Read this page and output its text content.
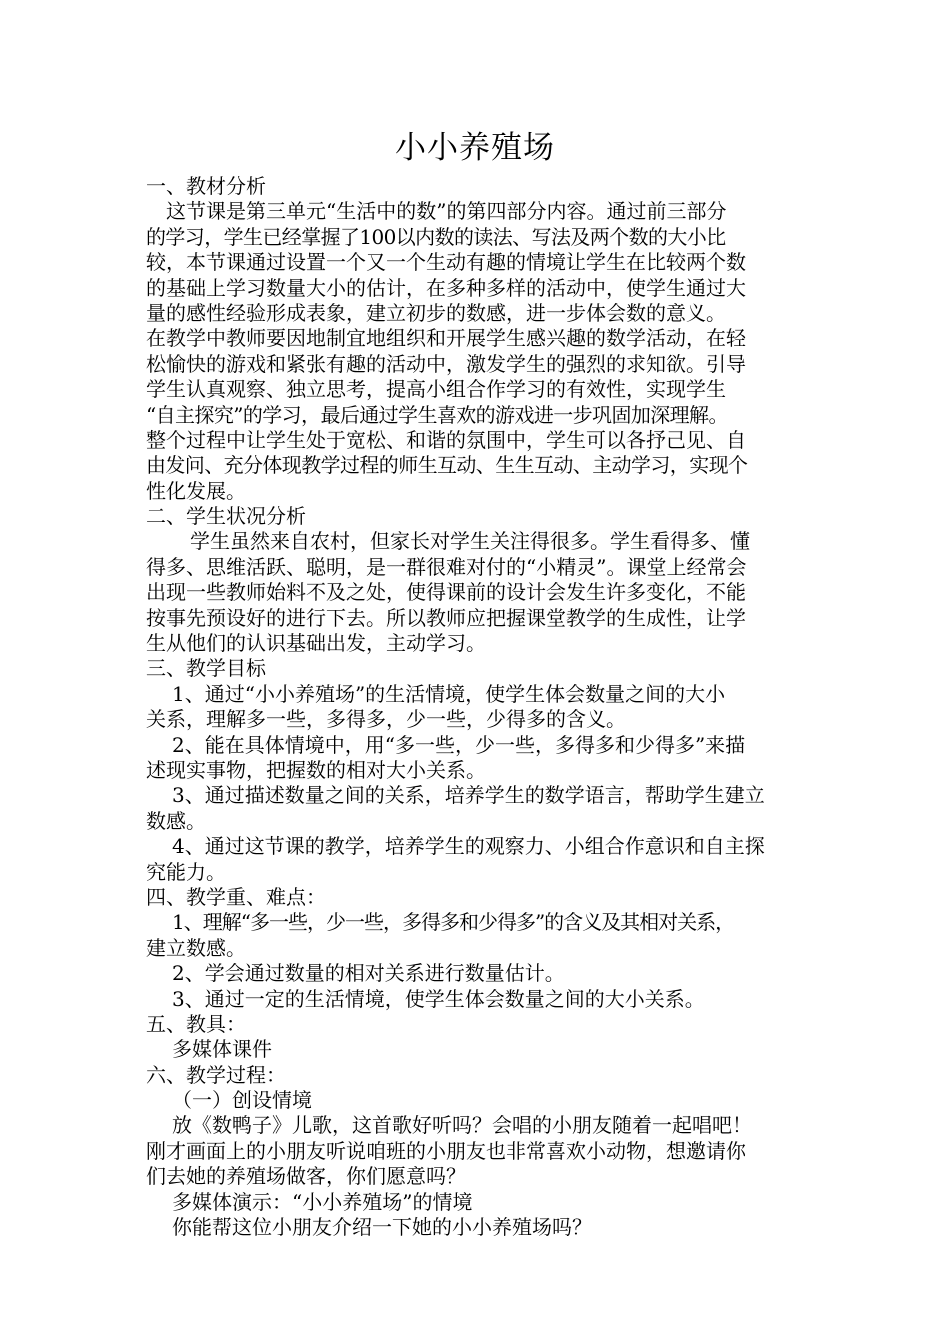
小小养殖场
一、教材分析
这节课是第三单元“生活中的数”的第四部分内容。通过前三部分
的学习，学生已经掌握了100以内数的读法、写法及两个数的大小比
较，本节课通过设置一个又一个生动有趣的情境让学生在比较两个数
的基础上学习数量大小的估计，在多种多样的活动中，使学生通过大
量的感性经验形成表象，建立初步的数感，进一步体会数的意义。
在教学中教师要因地制宜地组织和开展学生感兴趣的数学活动，在轻
松愉快的游戏和紧张有趣的活动中，激发学生的强烈的求知欲。引导
学生认真观察、独立思考，提高小组合作学习的有效性，实现学生
“自主探究”的学习，最后通过学生喜欢的游戏进一步巩固加深理解。
整个过程中让学生处于宽松、和谐的氛围中，学生可以各抒己见、自
由发问、充分体现教学过程的师生互动、生生互动、主动学习，实现个
性化发展。
二、学生状况分析
学生虽然来自农村，但家长对学生关注得很多。学生看得多、懂
得多、思维活跃、聪明，是一群很难对付的“小精灵”。课堂上经常会
出现一些教师始料不及之处，使得课前的设计会发生许多变化，不能
按事先预设好的进行下去。所以教师应把握课堂教学的生成性，让学
生从他们的认识基础出发，主动学习。
三、教学目标
1、通过“小小养殖场”的生活情境，使学生体会数量之间的大小
关系，理解多一些，多得多，少一些，少得多的含义。
2、能在具体情境中，用“多一些，少一些，多得多和少得多”来描
述现实事物，把握数的相对大小关系。
3、通过描述数量之间的关系，培养学生的数学语言，帮助学生建立
数感。
4、通过这节课的教学，培养学生的观察力、小组合作意识和自主探
究能力。
四、教学重、难点：
1、理解“多一些，少一些，多得多和少得多”的含义及其相对关系，
建立数感。
2、学会通过数量的相对关系进行数量估计。
3、通过一定的生活情境，使学生体会数量之间的大小关系。
五、教具：
多媒体课件
六、教学过程：
（一）创设情境
放《数鸭子》儿歌，这首歌好听吗？会唱的小朋友随着一起唱吧！
刚才画面上的小朋友听说咱班的小朋友也非常喜欢小动物，想邀请你
们去她的养殖场做客，你们愿意吗？
多媒体演示：“小小养殖场”的情境
你能帮这位小朋友介绍一下她的小小养殖场吗？
